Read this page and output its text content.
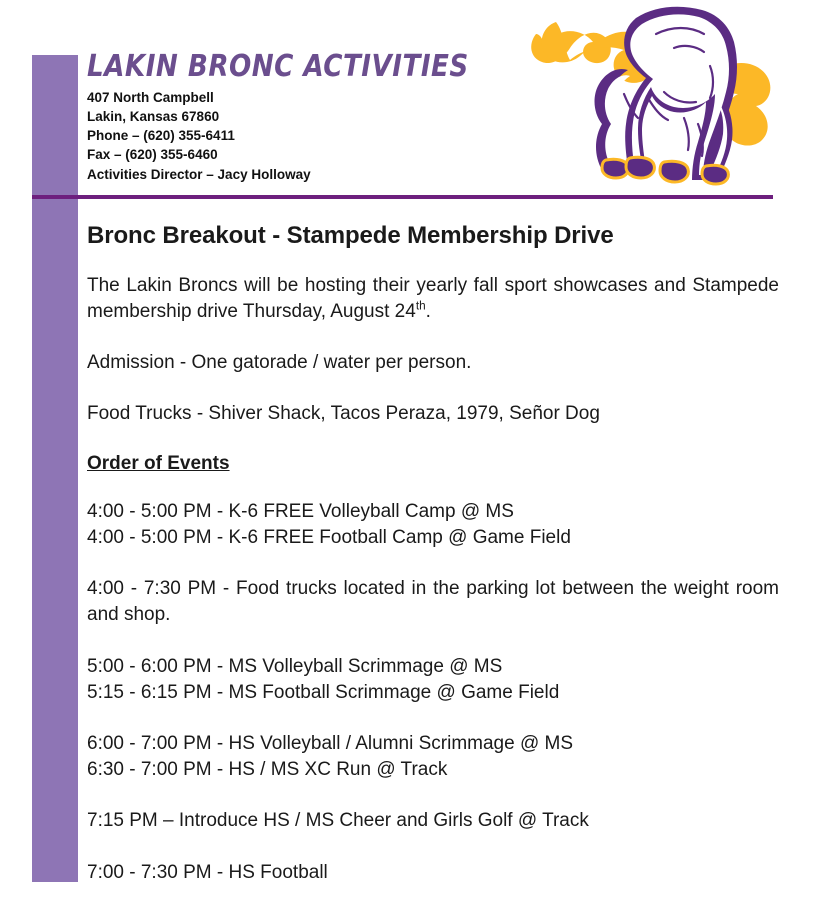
LAKIN BRONC ACTIVITIES
407 North Campbell
Lakin, Kansas 67860
Phone – (620) 355-6411
Fax – (620) 355-6460
Activities Director – Jacy Holloway
Bronc Breakout - Stampede Membership Drive

The Lakin Broncs will be hosting their yearly fall sport showcases and Stampede membership drive Thursday, August 24th.

Admission - One gatorade / water per person.

Food Trucks - Shiver Shack, Tacos Peraza, 1979, Señor Dog

Order of Events
4:00 - 5:00 PM - K-6 FREE Volleyball Camp @ MS
4:00 - 5:00 PM - K-6 FREE Football Camp @ Game Field
4:00 - 7:30 PM - Food trucks located in the parking lot between the weight room and shop.
5:00 - 6:00 PM - MS Volleyball Scrimmage @ MS
5:15 - 6:15 PM - MS Football Scrimmage @ Game Field
6:00 - 7:00 PM - HS Volleyball / Alumni Scrimmage @ MS
6:30 - 7:00 PM - HS / MS XC Run @ Track
7:15 PM – Introduce HS / MS Cheer and Girls Golf @ Track
7:00 - 7:30 PM - HS Football
